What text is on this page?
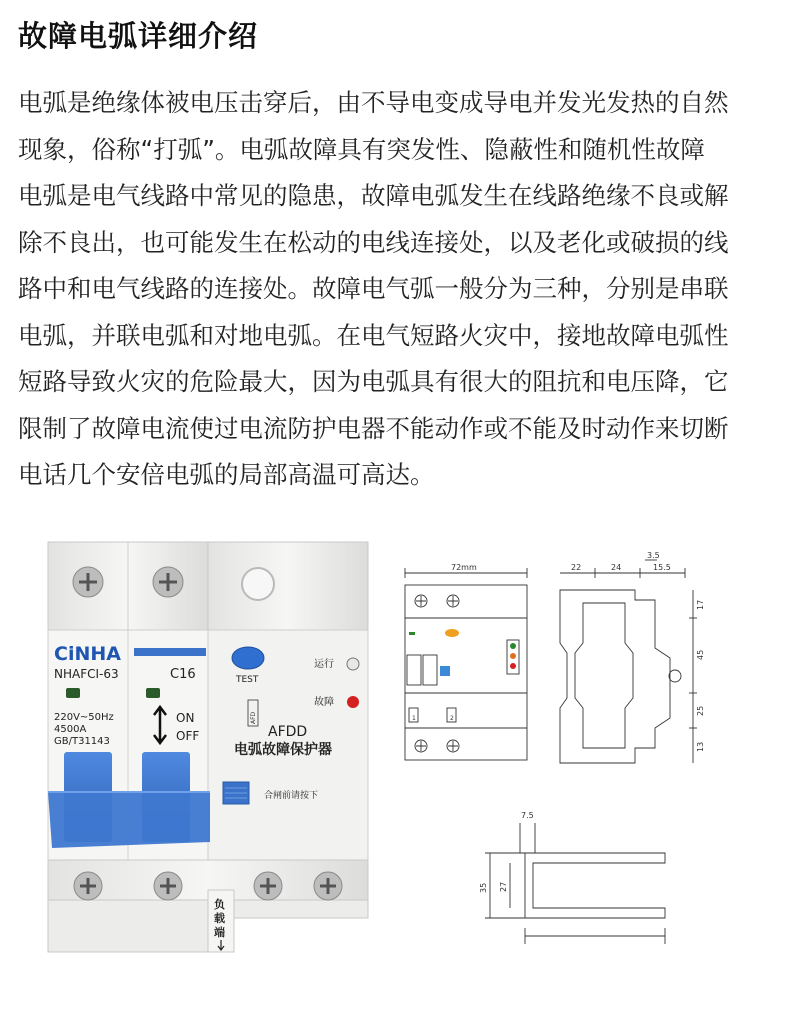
故障电弧详细介绍

电弧是绝缘体被电压击穿后，由不导电变成导电并发光发热的自然

现象，俗称“打弧”。电弧故障具有突发性、隐蔽性和随机性故障

电弧是电气线路中常见的隐患，故障电弧发生在线路绝缘不良或解

除不良出，也可能发生在松动的电线连接处，以及老化或破损的线

路中和电气线路的连接处。故障电气弧一般分为三种，分别是串联

电弧，并联电弧和对地电弧。在电气短路火灾中，接地故障电弧性

短路导致火灾的危险最大，因为电弧具有很大的阻抗和电压降，它

限制了故障电流使过电流防护电器不能动作或不能及时动作来切断

电话几个安倍电弧的局部高温可高达。

CiNHA
NHAFCI-63	C16
220V~50Hz
4500A
GB/T31143
ON
OFF
TEST
运行
故障
AFD
AFDD
电弧故障保护器
合闸前请按下
负
载
端
72mm
1	2
22	24
3.5
15.5
17
45
25
13
7.5
35 27
